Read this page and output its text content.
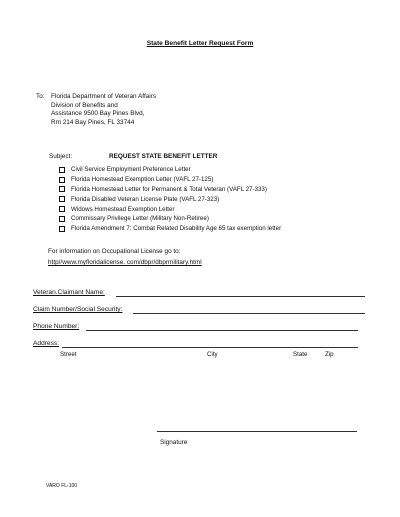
State Benefit Letter Request Form
To: Florida Department of Veteran Affairs
Division of Benefits and
Assistance 9500 Bay Pines Blvd,
Rm 214 Bay Pines, FL 33744
Subject:	REQUEST STATE BENEFIT LETTER
Civil Service Employment Preference Letter
Florida Homestead Exemption Letter (VAFL 27-125)
Florida Homestead Letter for Permanent & Total Veteran (VAFL 27-333)
Florida Disabled Veteran License Plate (VAFL 27-323)
Widows Homestead Exemption Letter
Commissary Privilege Letter (Military Non-Retiree)
Florida Amendment 7: Combat Related Disability Age 65 tax exemption letter
For information on Occupational License go to:
http//www.myfloridalicense. com/dbpr/dbprmilitary.html
Veteran.Claimant Name:
Claim Number/Social Security:
Phone Number:
Address:
Street	City	State	Zip
Signature
VARO FL-100
